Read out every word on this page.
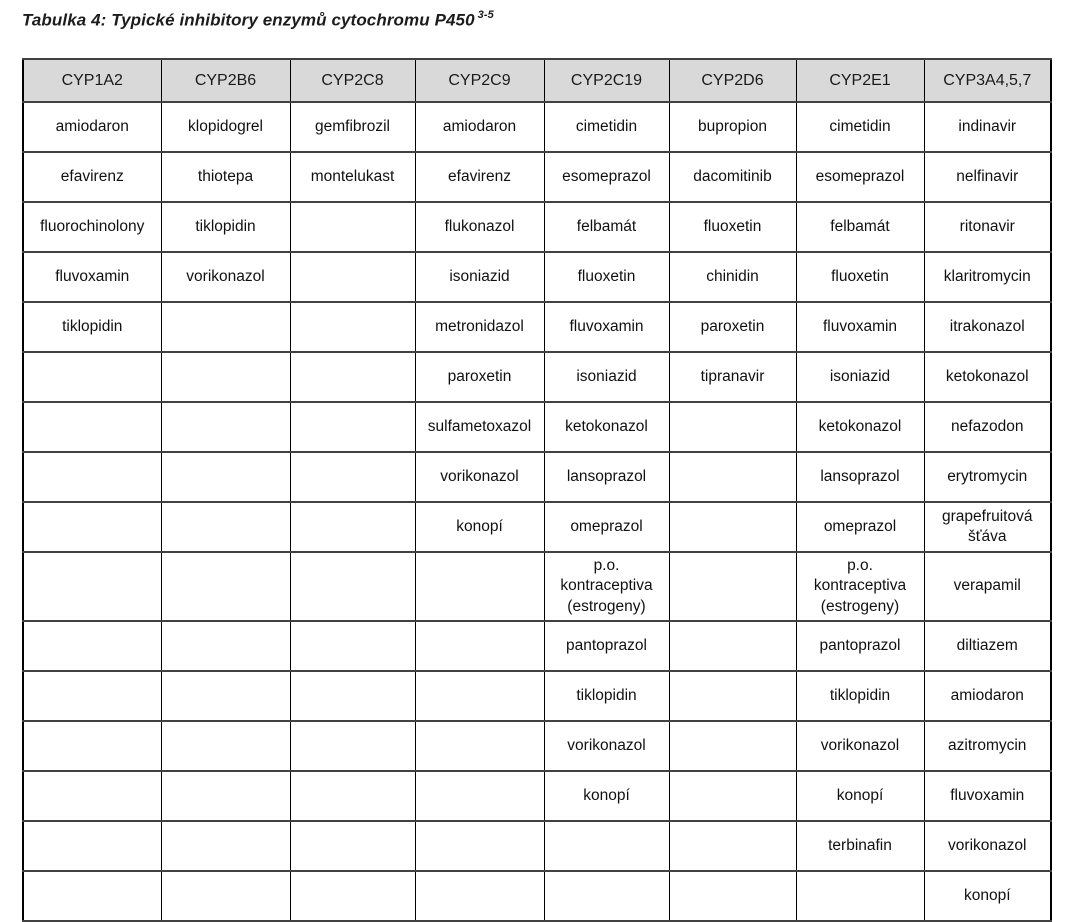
Tabulka 4: Typické inhibitory enzymů cytochromu P450 $^{3-5}$
CYP1A2	CYP2B6	CYP2C8	CYP2C9	CYP2C19	CYP2D6	CYP2E1	CYP3A4,5,7
amiodaron	klopidogrel	gemfibrozil	amiodaron	cimetidin	bupropion	cimetidin	indinavir
efavirenz	thiotepa	montelukast	efavirenz	esomeprazol	dacomitinib	esomeprazol	nelfinavir
fluorochinolony	tiklopidin		flukonazol	felbamát	fluoxetin	felbamát	ritonavir
fluvoxamin	vorikonazol		isoniazid	fluoxetin	chinidin	fluoxetin	klaritromycin
tiklopidin			metronidazol	fluvoxamin	paroxetin	fluvoxamin	itrakonazol
			paroxetin	isoniazid	tipranavir	isoniazid	ketokonazol
			sulfametoxazol	ketokonazol		ketokonazol	nefazodon
			vorikonazol	lansoprazol		lansoprazol	erytromycin
			konopí	omeprazol		omeprazol	grapefruitová šťáva
				p.o. kontraceptiva (estrogeny)		p.o. kontraceptiva (estrogeny)	verapamil
				pantoprazol		pantoprazol	diltiazem
				tiklopidin		tiklopidin	amiodaron
				vorikonazol		vorikonazol	azitromycin
				konopí		konopí	fluvoxamin
						terbinafin	vorikonazol
							konopí
